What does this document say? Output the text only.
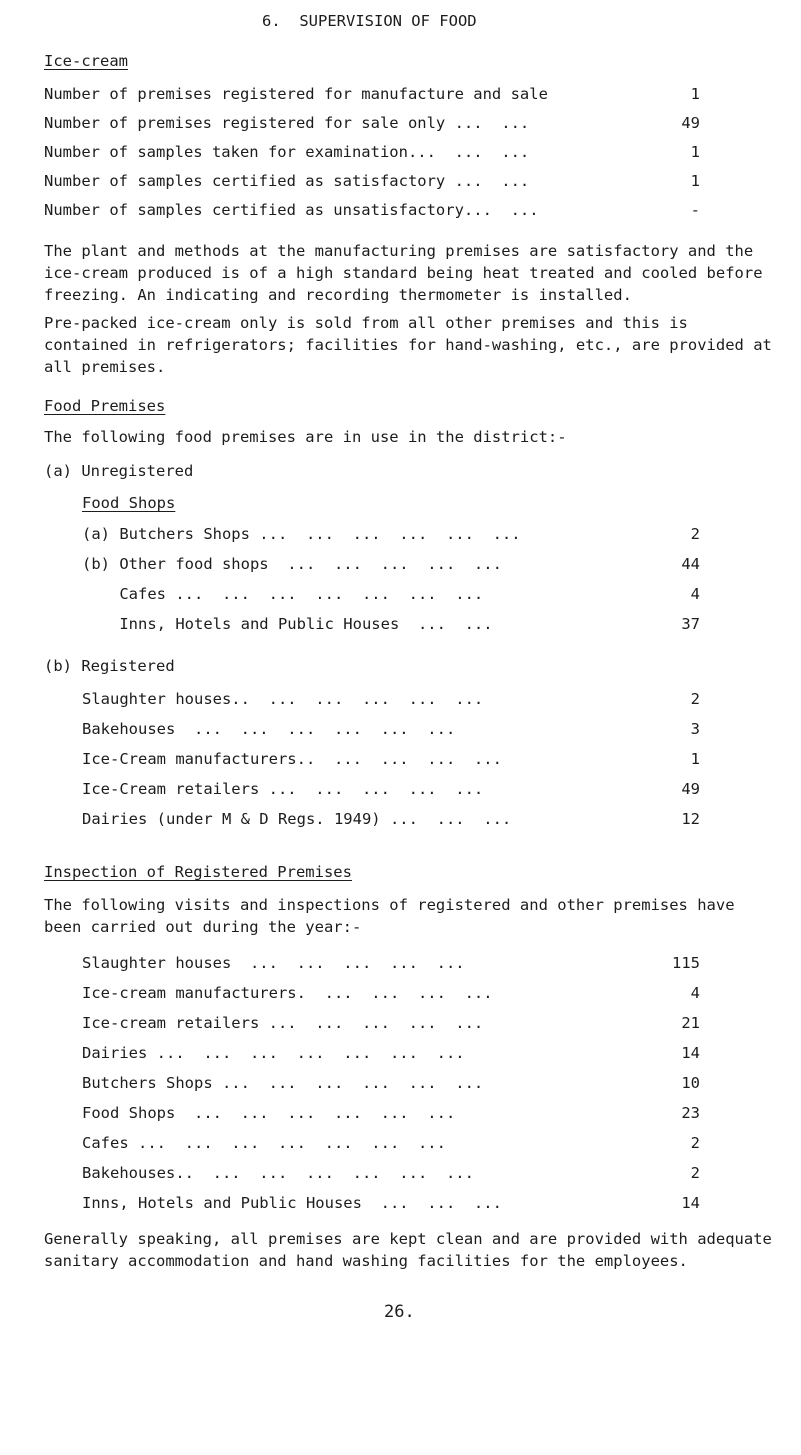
6.  SUPERVISION OF FOOD
Ice-cream
Number of premises registered for manufacture and sale	1
Number of premises registered for sale only ...  ...	49
Number of samples taken for examination...  ...  ...	1
Number of samples certified as satisfactory ...  ...	1
Number of samples certified as unsatisfactory...  ...	-
The plant and methods at the manufacturing premises are satisfactory and the ice-cream produced is of a high standard being heat treated and cooled before freezing. An indicating and recording thermometer is installed.
Pre-packed ice-cream only is sold from all other premises and this is contained in refrigerators; facilities for hand-washing, etc., are provided at all premises.
Food Premises
The following food premises are in use in the district:-
(a) Unregistered
Food Shops
(a) Butchers Shops ...  ...  ...  ...  ...  ...	2
(b) Other food shops  ...  ...  ...  ...  ...	44
Cafes ...  ...  ...  ...  ...  ...  ...	4
Inns, Hotels and Public Houses  ...  ...	37
(b) Registered
Slaughter houses..  ...  ...  ...  ...  ...	2
Bakehouses  ...  ...  ...  ...  ...  ...	3
Ice-Cream manufacturers..  ...  ...  ...  ...	1
Ice-Cream retailers ...  ...  ...  ...  ...	49
Dairies (under M & D Regs. 1949) ...  ...  ...	12
Inspection of Registered Premises
The following visits and inspections of registered and other premises have been carried out during the year:-
Slaughter houses  ...  ...  ...  ...  ...	115
Ice-cream manufacturers.  ...  ...  ...  ...	4
Ice-cream retailers ...  ...  ...  ...  ...	21
Dairies ...  ...  ...  ...  ...  ...  ...	14
Butchers Shops ...  ...  ...  ...  ...  ...	10
Food Shops  ...  ...  ...  ...  ...  ...	23
Cafes ...  ...  ...  ...  ...  ...  ...	2
Bakehouses..  ...  ...  ...  ...  ...  ...	2
Inns, Hotels and Public Houses  ...  ...  ...	14
Generally speaking, all premises are kept clean and are provided with adequate sanitary accommodation and hand washing facilities for the employees.
26.
